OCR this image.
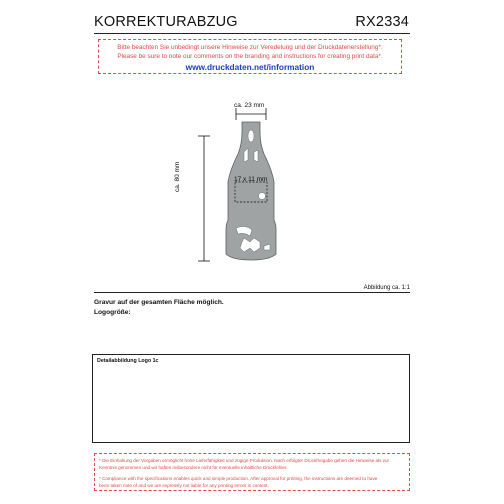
KORREKTURABZUG	RX2334
Bitte beachten Sie unbedingt unsere Hinweise zur Veredelung und der Druckdatenerstellung*.
Please be sure to note our comments on the branding and instructions for creating print data*.
www.druckdaten.net/information
ca. 23 mm
ca. 80 mm	17 x 11 mm
Abbildung ca. 1:1
Gravur auf der gesamten Fläche möglich.
Logogröße:
Detailabbildung Logo 1c
* Die Einhaltung der Vorgaben ermöglicht hohe Lieferfähigkeit und zügige Produktion. Nach erfolgter Druckfreigabe gehen die Hinweise als zur
Kenntnis genommen und wir haften insbesondere nicht für eventuelle inhaltliche Druckfehler.
* Compliance with the specifications enables quick and simple production. After approval for printing, the instructions are deemed to have
been taken note of and we are expressly not liable for any printing errors in content.
